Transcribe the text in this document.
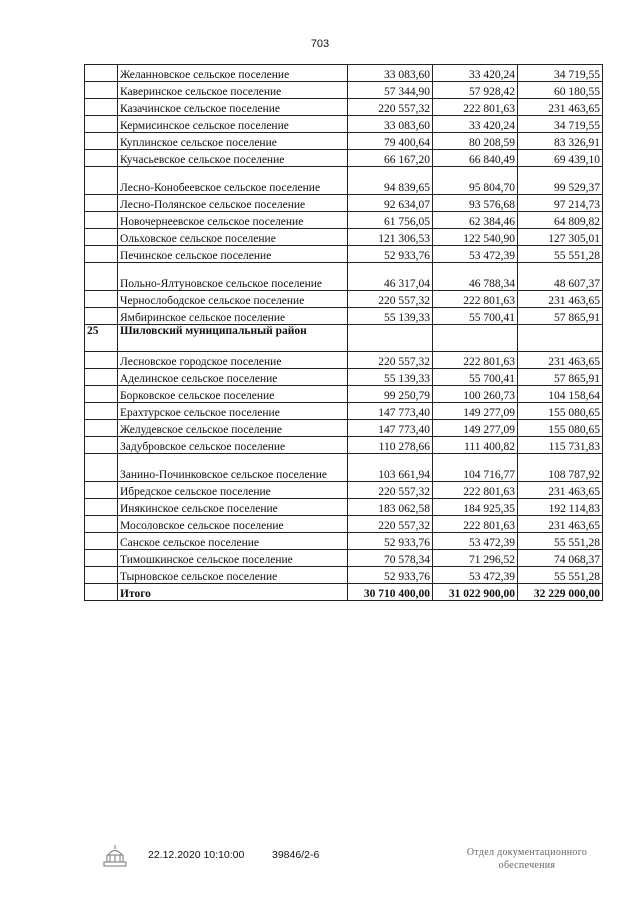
703
	Желанновское сельское поселение	33 083,60	33 420,24	34 719,55
	Каверинское сельское поселение	57 344,90	57 928,42	60 180,55
	Казачинское сельское поселение	220 557,32	222 801,63	231 463,65
	Кермисинское сельское поселение	33 083,60	33 420,24	34 719,55
	Куплинское сельское поселение	79 400,64	80 208,59	83 326,91
	Кучасьевское сельское поселение	66 167,20	66 840,49	69 439,10
	Лесно-Конобеевское сельское поселение	94 839,65	95 804,70	99 529,37
	Лесно-Полянское сельское поселение	92 634,07	93 576,68	97 214,73
	Новочернеевское сельское поселение	61 756,05	62 384,46	64 809,82
	Ольховское сельское поселение	121 306,53	122 540,90	127 305,01
	Печинское сельское поселение	52 933,76	53 472,39	55 551,28
	Польно-Ялтуновское сельское поселение	46 317,04	46 788,34	48 607,37
	Чернослободское сельское поселение	220 557,32	222 801,63	231 463,65
	Ямбиринское сельское поселение	55 139,33	55 700,41	57 865,91
25	Шиловский муниципальный район			
	Лесновское городское поселение	220 557,32	222 801,63	231 463,65
	Аделинское сельское поселение	55 139,33	55 700,41	57 865,91
	Борковское сельское поселение	99 250,79	100 260,73	104 158,64
	Ерахтурское сельское поселение	147 773,40	149 277,09	155 080,65
	Желудевское сельское поселение	147 773,40	149 277,09	155 080,65
	Задубровское сельское поселение	110 278,66	111 400,82	115 731,83
	Занино-Починковское сельское поселение	103 661,94	104 716,77	108 787,92
	Ибредское сельское поселение	220 557,32	222 801,63	231 463,65
	Инякинское сельское поселение	183 062,58	184 925,35	192 114,83
	Мосоловское сельское поселение	220 557,32	222 801,63	231 463,65
	Санское сельское поселение	52 933,76	53 472,39	55 551,28
	Тимошкинское сельское поселение	70 578,34	71 296,52	74 068,37
	Тырновское сельское поселение	52 933,76	53 472,39	55 551,28
	Итого	30 710 400,00	31 022 900,00	32 229 000,00
22.12.2020 10:10:00	39846/2-6	Отдел документационного
обеспечения
